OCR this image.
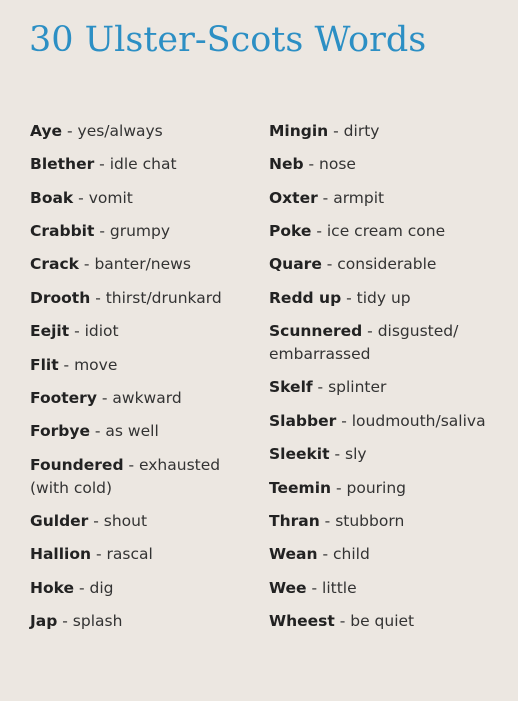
30 Ulster-Scots Words
Aye - yes/always
Blether - idle chat
Boak - vomit
Crabbit - grumpy
Crack - banter/news
Drooth - thirst/drunkard
Eejit - idiot
Flit - move
Footery - awkward
Forbye - as well
Foundered - exhausted
(with cold)
Gulder - shout
Hallion - rascal
Hoke - dig
Jap - splash
Mingin - dirty
Neb - nose
Oxter - armpit
Poke - ice cream cone
Quare - considerable
Redd up - tidy up
Scunnered - disgusted/
embarrassed
Skelf - splinter
Slabber - loudmouth/saliva
Sleekit - sly
Teemin - pouring
Thran - stubborn
Wean - child
Wee - little
Wheest - be quiet
